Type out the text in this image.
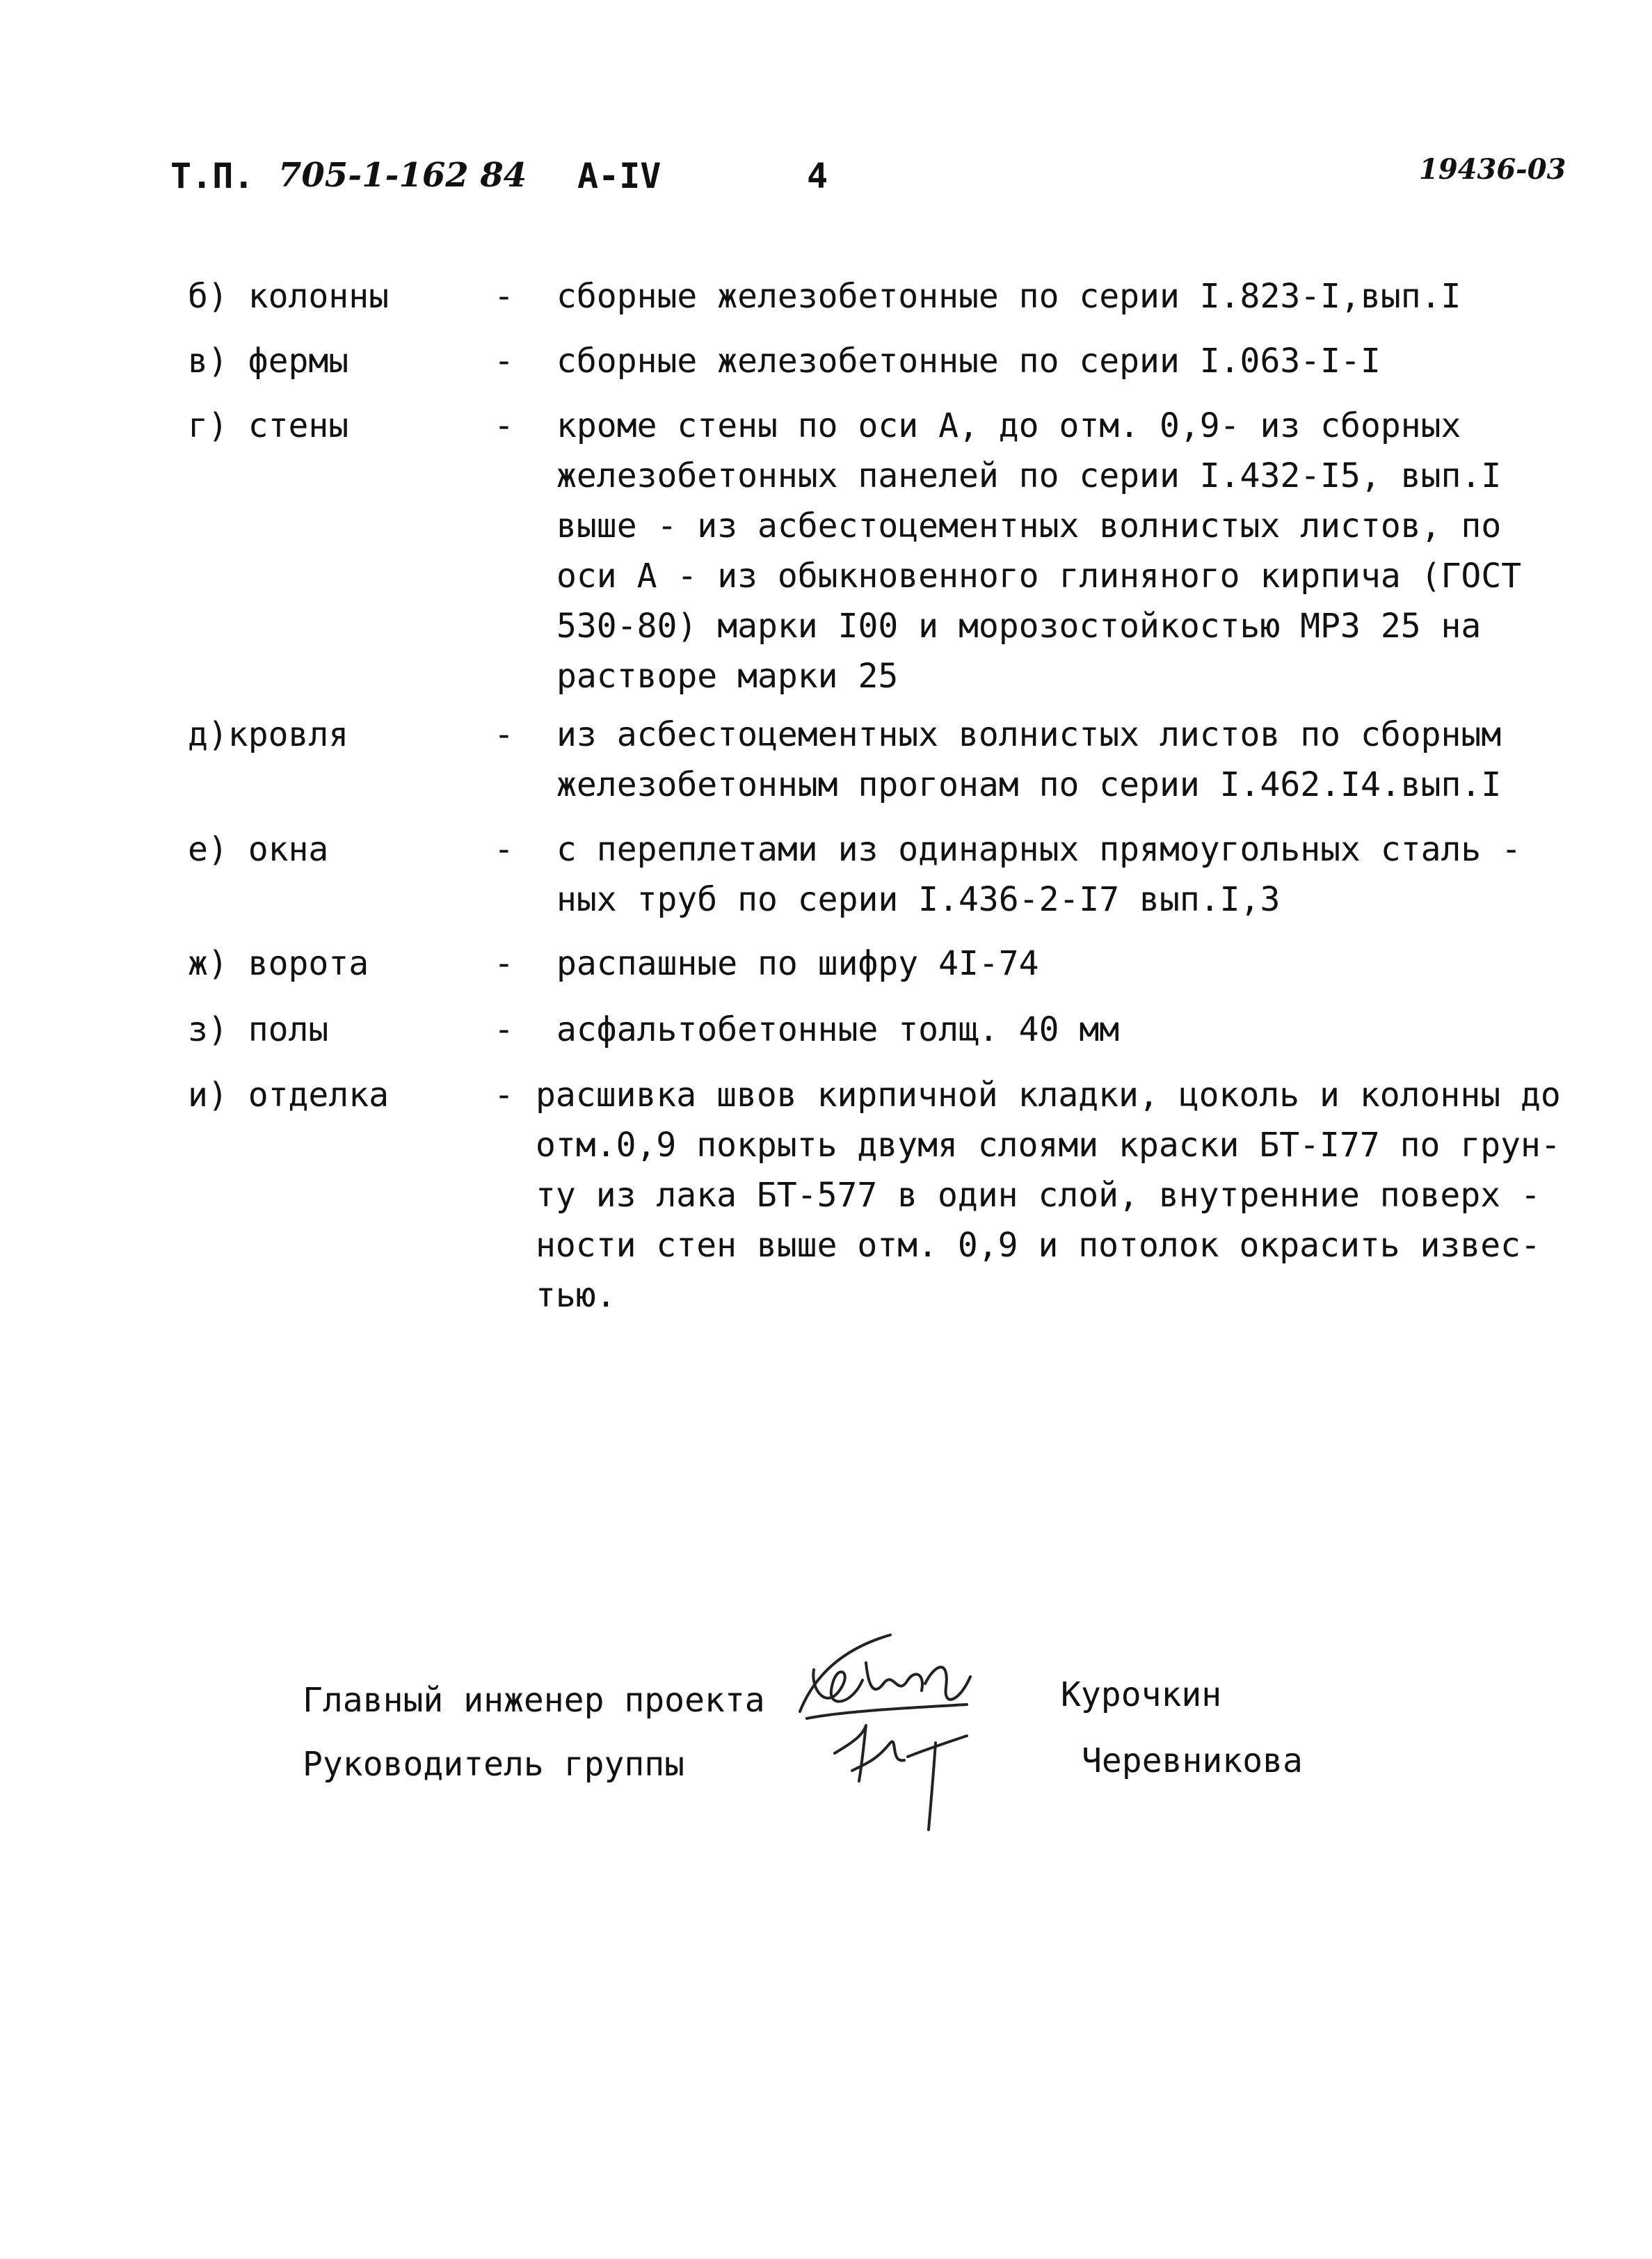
Т.П. 705-1-162 84 А-IV	4	19436-03
б) колонны	- сборные железобетонные по серии I.823-I,вып.I
в) фермы	- сборные железобетонные по серии I.063-I-I
г) стены	- кроме стены по оси А, до отм. 0,9- из сборных
железобетонных панелей по серии I.432-I5, вып.I
выше - из асбестоцементных волнистых листов, по
оси А - из обыкновенного глиняного кирпича (ГОСТ
530-80) марки I00 и морозостойкостью МРЗ 25 на
растворе марки 25
д)кровля	- из асбестоцементных волнистых листов по сборным
железобетонным прогонам по серии I.462.I4.вып.I
е) окна	- с переплетами из одинарных прямоугольных сталь -
ных труб по серии I.436-2-I7 вып.I,3
ж) ворота	- распашные по шифру 4I-74
з) полы	- асфальтобетонные толщ. 40 мм
и) отделка	- расшивка швов кирпичной кладки, цоколь и колонны до
отм.0,9 покрыть двумя слоями краски БТ-I77 по грун-
ту из лака БТ-577 в один слой, внутренние поверх -
ности стен выше отм. 0,9 и потолок окрасить извес-
тью.
Главный инженер проекта	Курочкин
Руководитель группы	Черевникова
